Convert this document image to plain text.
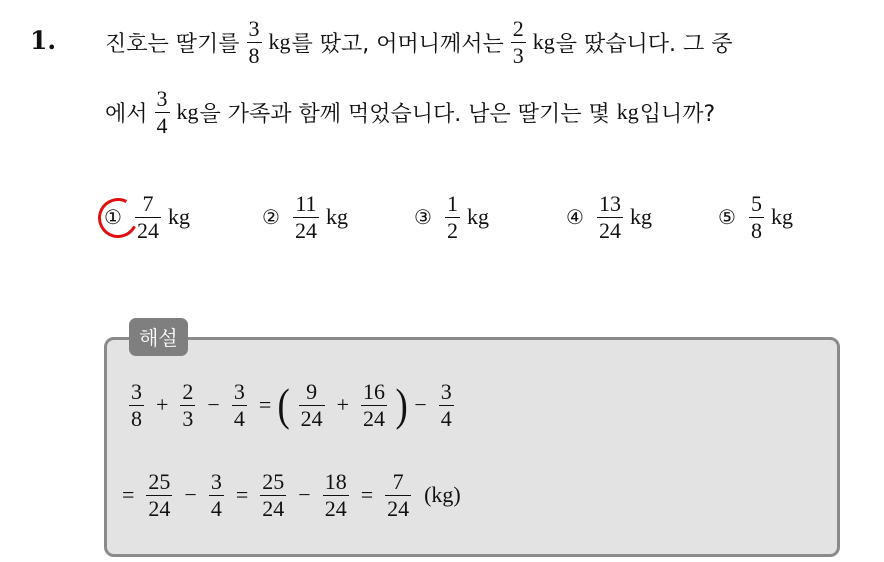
1. 진호는 딸기를 $\frac{3}{8}$ kg 를 땄고, 어머니께서는 $\frac{2}{3}$ kg 을 땄습니다. 그 중
에서 $\frac{3}{4}$ kg 을 가족과 함께 먹었습니다. 남은 딸기는 몇 kg 입니까?
① $\frac{7}{24}$ kg	② $\frac{11}{24}$ kg	③ $\frac{1}{2}$ kg	④ $\frac{13}{24}$ kg	⑤ $\frac{5}{8}$ kg
해설
$\frac{3}{8} + \frac{2}{3} - \frac{3}{4}$ = ( $\frac{9}{24} + \frac{16}{24}$ ) − $\frac{3}{4}$
= $\frac{25}{24} - \frac{3}{4} = \frac{25}{24} - \frac{18}{24} = \frac{7}{24} (kg)$
